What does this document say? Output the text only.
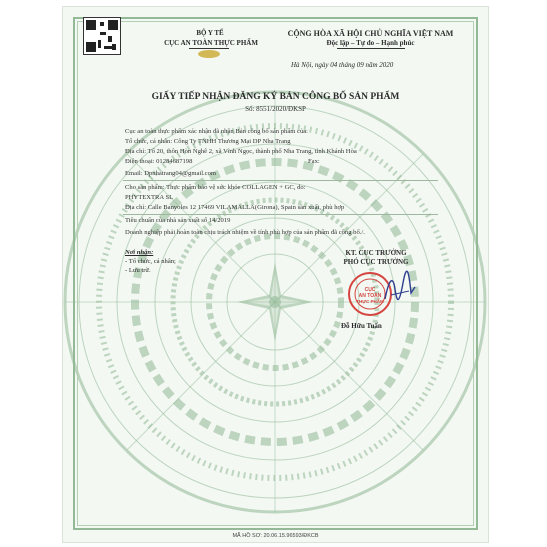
BỘ Y TẾ
CỤC AN TOÀN THỰC PHẨM
CỘNG HÒA XÃ HỘI CHỦ NGHĨA VIỆT NAM
Độc lập – Tự do – Hạnh phúc
Hà Nội, ngày 04 tháng 09 năm 2020
GIẤY TIẾP NHẬN ĐĂNG KÝ BẢN CÔNG BỐ SẢN PHẨM
Số: 8551/2020/ĐKSP
Cục an toàn thực phẩm xác nhận đã nhận Bản công bố sản phẩm của:
Tổ chức, cá nhân: Công Ty TNHH Thương Mại DP Nha Trang
Địa chỉ: Tổ 20, thôn Hòn Nghê 2, xã Vĩnh Ngọc, thành phố Nha Trang, tỉnh Khánh Hòa
Điện thoại: 01284687198	Fax:
Email: Dpnhatrang04@gmail.com
Cho sản phẩm: Thực phẩm bảo vệ sức khỏe COLLAGEN + GC, do:
PHYTEXTRA SL
Địa chỉ: Calle Banyoles 12 17469 VILAMALLA(Girona), Spain sản xuất, phù hợp
Tiêu chuẩn của nhà sản xuất số 14/2019
Doanh nghiệp phải hoàn toàn chịu trách nhiệm về tính phù hợp của sản phẩm đã công bố./.
Nơi nhận:
- Tổ chức, cá nhân;
- Lưu trữ.
KT. CỤC TRƯỞNG
PHÓ CỤC TRƯỞNG
CỤC
AN TOÀN
THỰC PHẨM
Đỗ Hữu Tuấn
MÃ HỒ SƠ: 20.06.15.96593/ĐKCB
